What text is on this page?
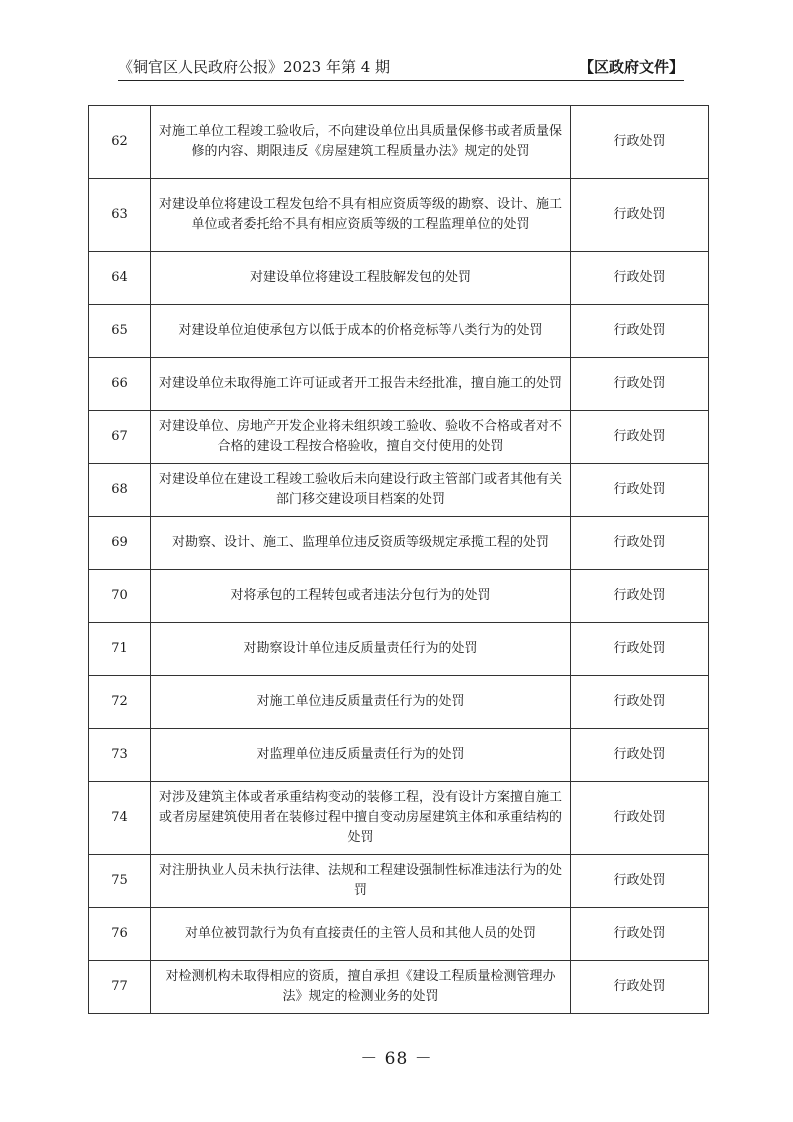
《铜官区人民政府公报》2023 年第 4 期	【区政府文件】
62	对施工单位工程竣工验收后，不向建设单位出具质量保修书或者质量保修的内容、期限违反《房屋建筑工程质量办法》规定的处罚	行政处罚
63	对建设单位将建设工程发包给不具有相应资质等级的勘察、设计、施工单位或者委托给不具有相应资质等级的工程监理单位的处罚	行政处罚
64	对建设单位将建设工程肢解发包的处罚	行政处罚
65	对建设单位迫使承包方以低于成本的价格竞标等八类行为的处罚	行政处罚
66	对建设单位未取得施工许可证或者开工报告未经批准，擅自施工的处罚	行政处罚
67	对建设单位、房地产开发企业将未组织竣工验收、验收不合格或者对不合格的建设工程按合格验收，擅自交付使用的处罚	行政处罚
68	对建设单位在建设工程竣工验收后未向建设行政主管部门或者其他有关部门移交建设项目档案的处罚	行政处罚
69	对勘察、设计、施工、监理单位违反资质等级规定承揽工程的处罚	行政处罚
70	对将承包的工程转包或者违法分包行为的处罚	行政处罚
71	对勘察设计单位违反质量责任行为的处罚	行政处罚
72	对施工单位违反质量责任行为的处罚	行政处罚
73	对监理单位违反质量责任行为的处罚	行政处罚
74	对涉及建筑主体或者承重结构变动的装修工程，没有设计方案擅自施工或者房屋建筑使用者在装修过程中擅自变动房屋建筑主体和承重结构的处罚	行政处罚
75	对注册执业人员未执行法律、法规和工程建设强制性标准违法行为的处罚	行政处罚
76	对单位被罚款行为负有直接责任的主管人员和其他人员的处罚	行政处罚
77	对检测机构未取得相应的资质，擅自承担《建设工程质量检测管理办法》规定的检测业务的处罚	行政处罚
－ 68 －
